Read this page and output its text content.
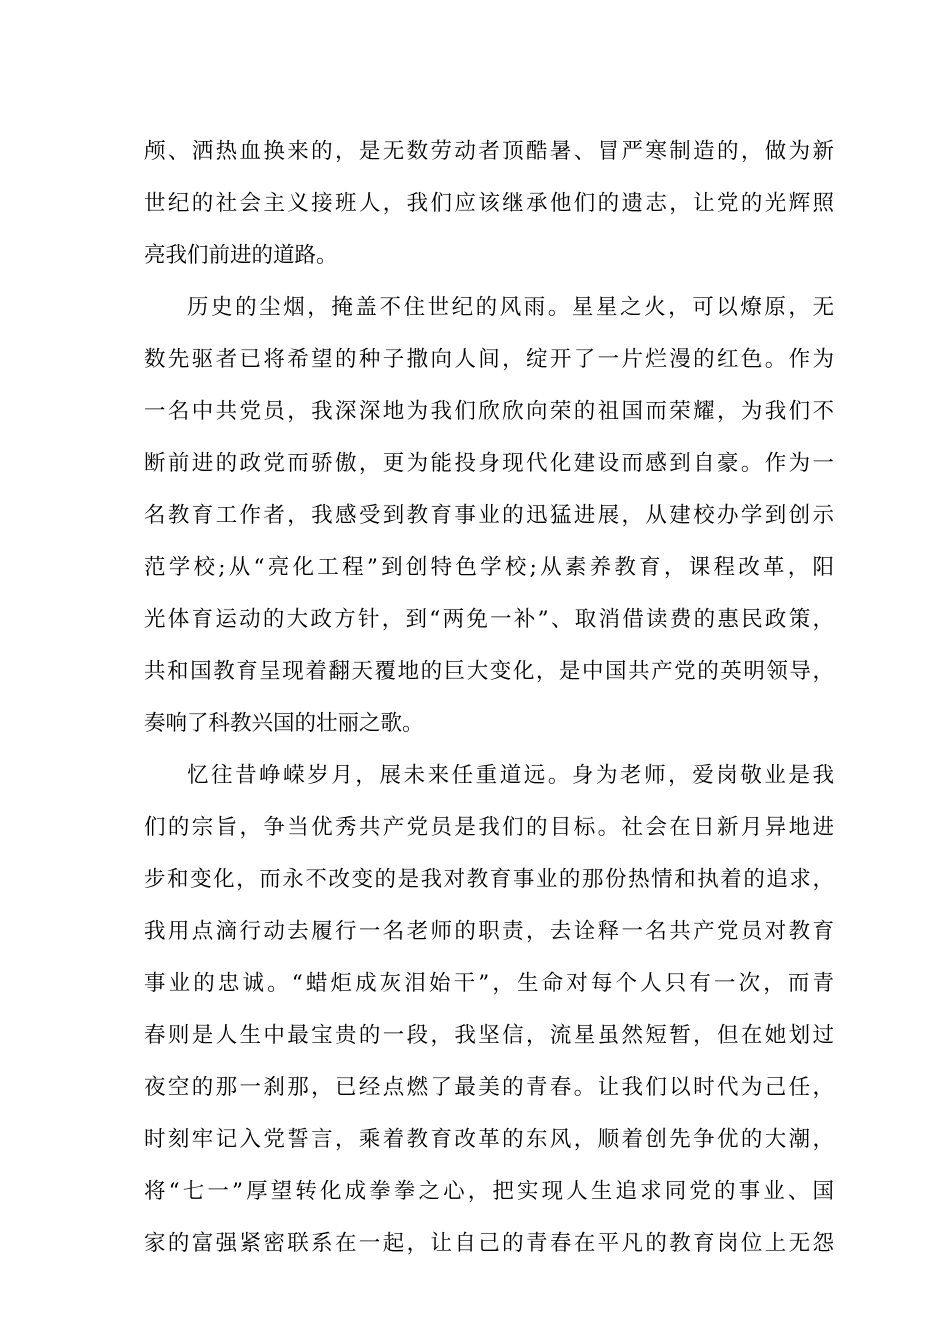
颅、洒热血换来的，是无数劳动者顶酷暑、冒严寒制造的，做为新
世纪的社会主义接班人，我们应该继承他们的遗志，让党的光辉照
亮我们前进的道路。
历史的尘烟，掩盖不住世纪的风雨。星星之火，可以燎原，无
数先驱者已将希望的种子撒向人间，绽开了一片烂漫的红色。作为
一名中共党员，我深深地为我们欣欣向荣的祖国而荣耀，为我们不
断前进的政党而骄傲，更为能投身现代化建设而感到自豪。作为一
名教育工作者，我感受到教育事业的迅猛进展，从建校办学到创示
范学校;从“亮化工程”到创特色学校;从素养教育，课程改革，阳
光体育运动的大政方针，到“两免一补”、取消借读费的惠民政策，
共和国教育呈现着翻天覆地的巨大变化，是中国共产党的英明领导，
奏响了科教兴国的壮丽之歌。
忆往昔峥嵘岁月，展未来任重道远。身为老师，爱岗敬业是我
们的宗旨，争当优秀共产党员是我们的目标。社会在日新月异地进
步和变化，而永不改变的是我对教育事业的那份热情和执着的追求，
我用点滴行动去履行一名老师的职责，去诠释一名共产党员对教育
事业的忠诚。“蜡炬成灰泪始干”，生命对每个人只有一次，而青
春则是人生中最宝贵的一段，我坚信，流星虽然短暂，但在她划过
夜空的那一刹那，已经点燃了最美的青春。让我们以时代为己任，
时刻牢记入党誓言，乘着教育改革的东风，顺着创先争优的大潮，
将“七一”厚望转化成拳拳之心，把实现人生追求同党的事业、国
家的富强紧密联系在一起，让自己的青春在平凡的教育岗位上无怨
